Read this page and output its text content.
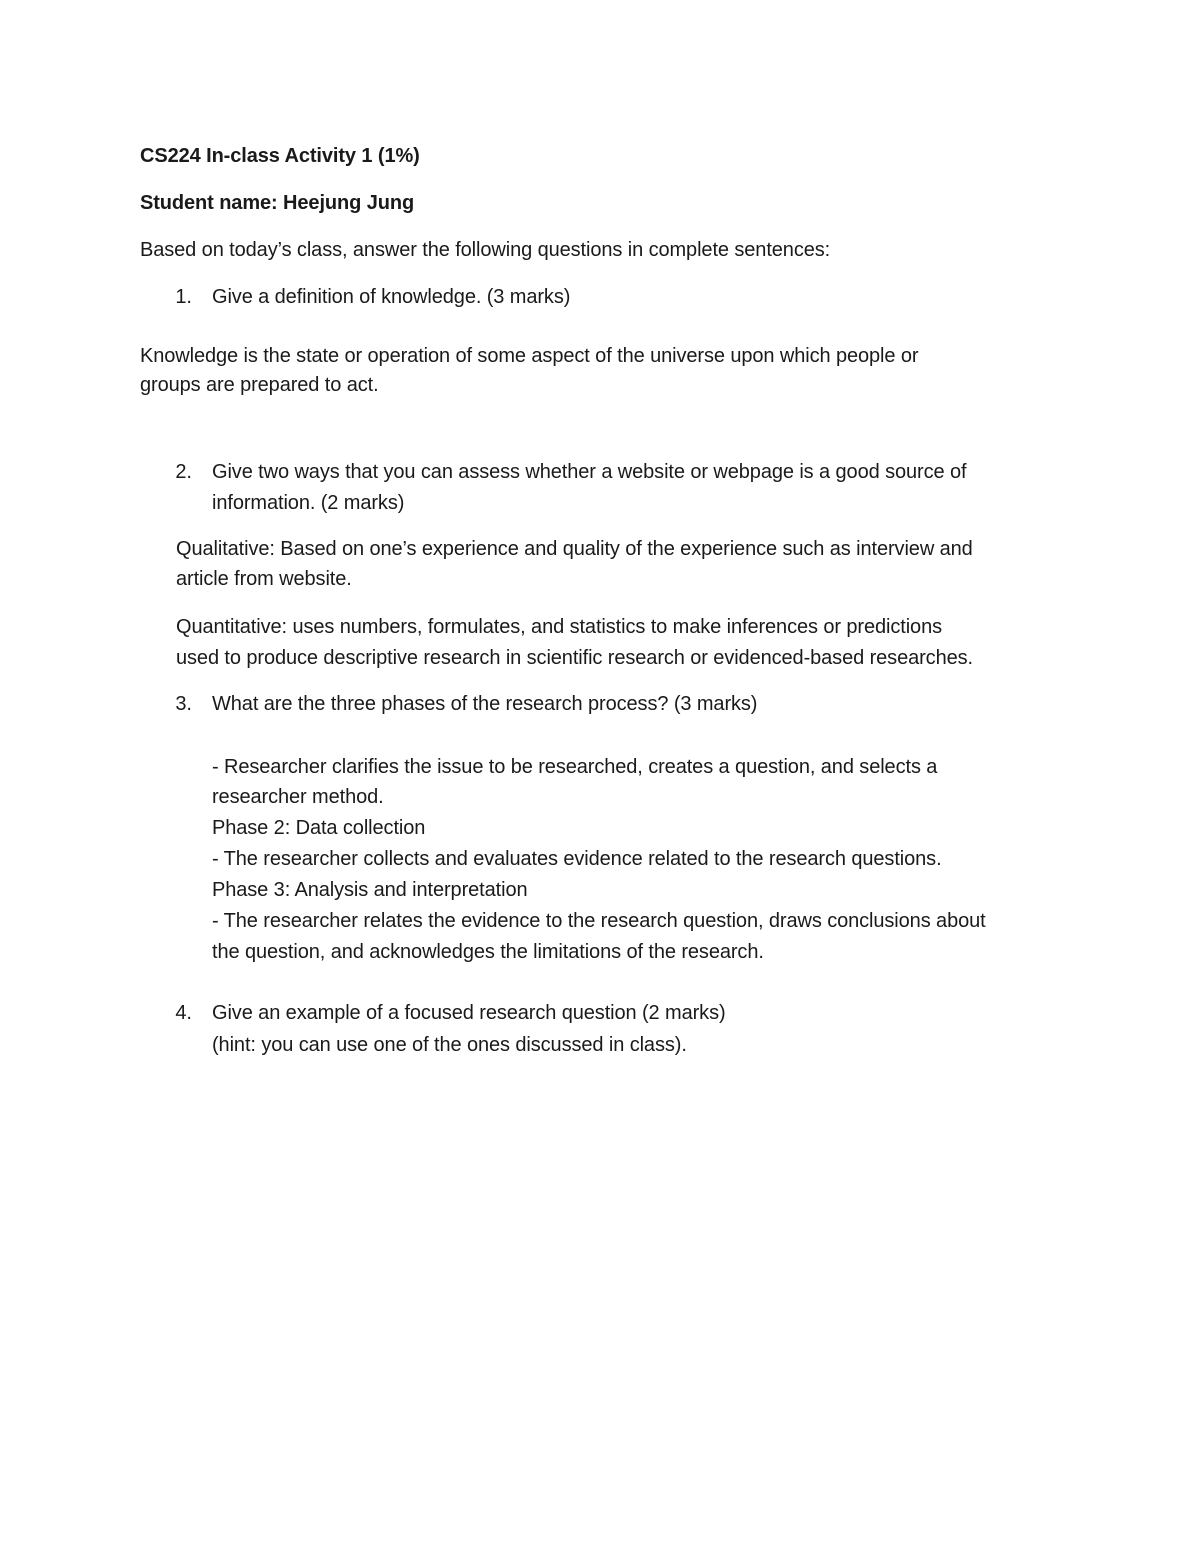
CS224 In-class Activity 1 (1%)
Student name: Heejung Jung
Based on today’s class, answer the following questions in complete sentences:
1. Give a definition of knowledge. (3 marks)
Knowledge is the state or operation of some aspect of the universe upon which people or
groups are prepared to act.
2. Give two ways that you can assess whether a website or webpage is a good source of
information. (2 marks)
Qualitative: Based on one’s experience and quality of the experience such as interview and
article from website.
Quantitative: uses numbers, formulates, and statistics to make inferences or predictions
used to produce descriptive research in scientific research or evidenced-based researches.
3. What are the three phases of the research process? (3 marks)
- Researcher clarifies the issue to be researched, creates a question, and selects a
researcher method.
Phase 2: Data collection
- The researcher collects and evaluates evidence related to the research questions.
Phase 3: Analysis and interpretation
- The researcher relates the evidence to the research question, draws conclusions about
the question, and acknowledges the limitations of the research.
4. Give an example of a focused research question (2 marks)
(hint: you can use one of the ones discussed in class).
